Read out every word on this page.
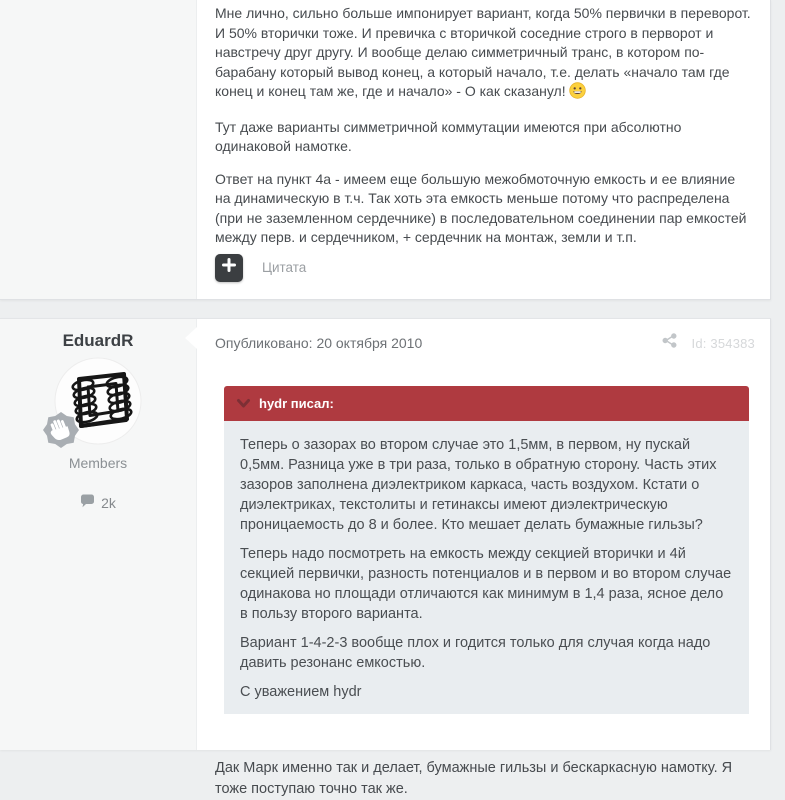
Мне лично, сильно больше импонирует вариант, когда 50% первички в переворот. И 50% вторички тоже. И превичка с вторичкой соседние строго в перворот и навстречу друг другу. И вообще делаю симметричный транс, в котором по-барабану который вывод конец, а который начало, т.е. делать «начало там где конец и конец там же, где и начало» - О как сказанул!

Тут даже варианты симметричной коммутации имеются при абсолютно одинаковой намотке.

Ответ на пункт 4а - имеем еще большую межобмоточную емкость и ее влияние на динамическую в т.ч. Так хоть эта емкость меньше потому что распределена (при не заземленном сердечнике) в последовательном соединении пар емкостей между перв. и сердечником, + сердечник на монтаж, земли и т.п.

Цитата
EduardR
Members
2k
Опубликовано: 20 октября 2010	Id: 354383
hydr писал:

Теперь о зазорах во втором случае это 1,5мм, в первом, ну пускай 0,5мм. Разница уже в три раза, только в обратную сторону. Часть этих зазоров заполнена диэлектриком каркаса, часть воздухом. Кстати о диэлектриках, текстолиты и гетинаксы имеют диэлектрическую проницаемость до 8 и более. Кто мешает делать бумажные гильзы?

Теперь надо посмотреть на емкость между секцией вторички и 4й секцией первички, разность потенциалов и в первом и во втором случае одинакова но площади отличаются как минимум в 1,4 раза, ясное дело в пользу второго варианта.

Вариант 1-4-2-3 вообще плох и годится только для случая когда надо давить резонанс емкостью.

С уважением hydr

Дак Марк именно так и делает, бумажные гильзы и бескаркасную намотку. Я тоже поступаю точно так же.
